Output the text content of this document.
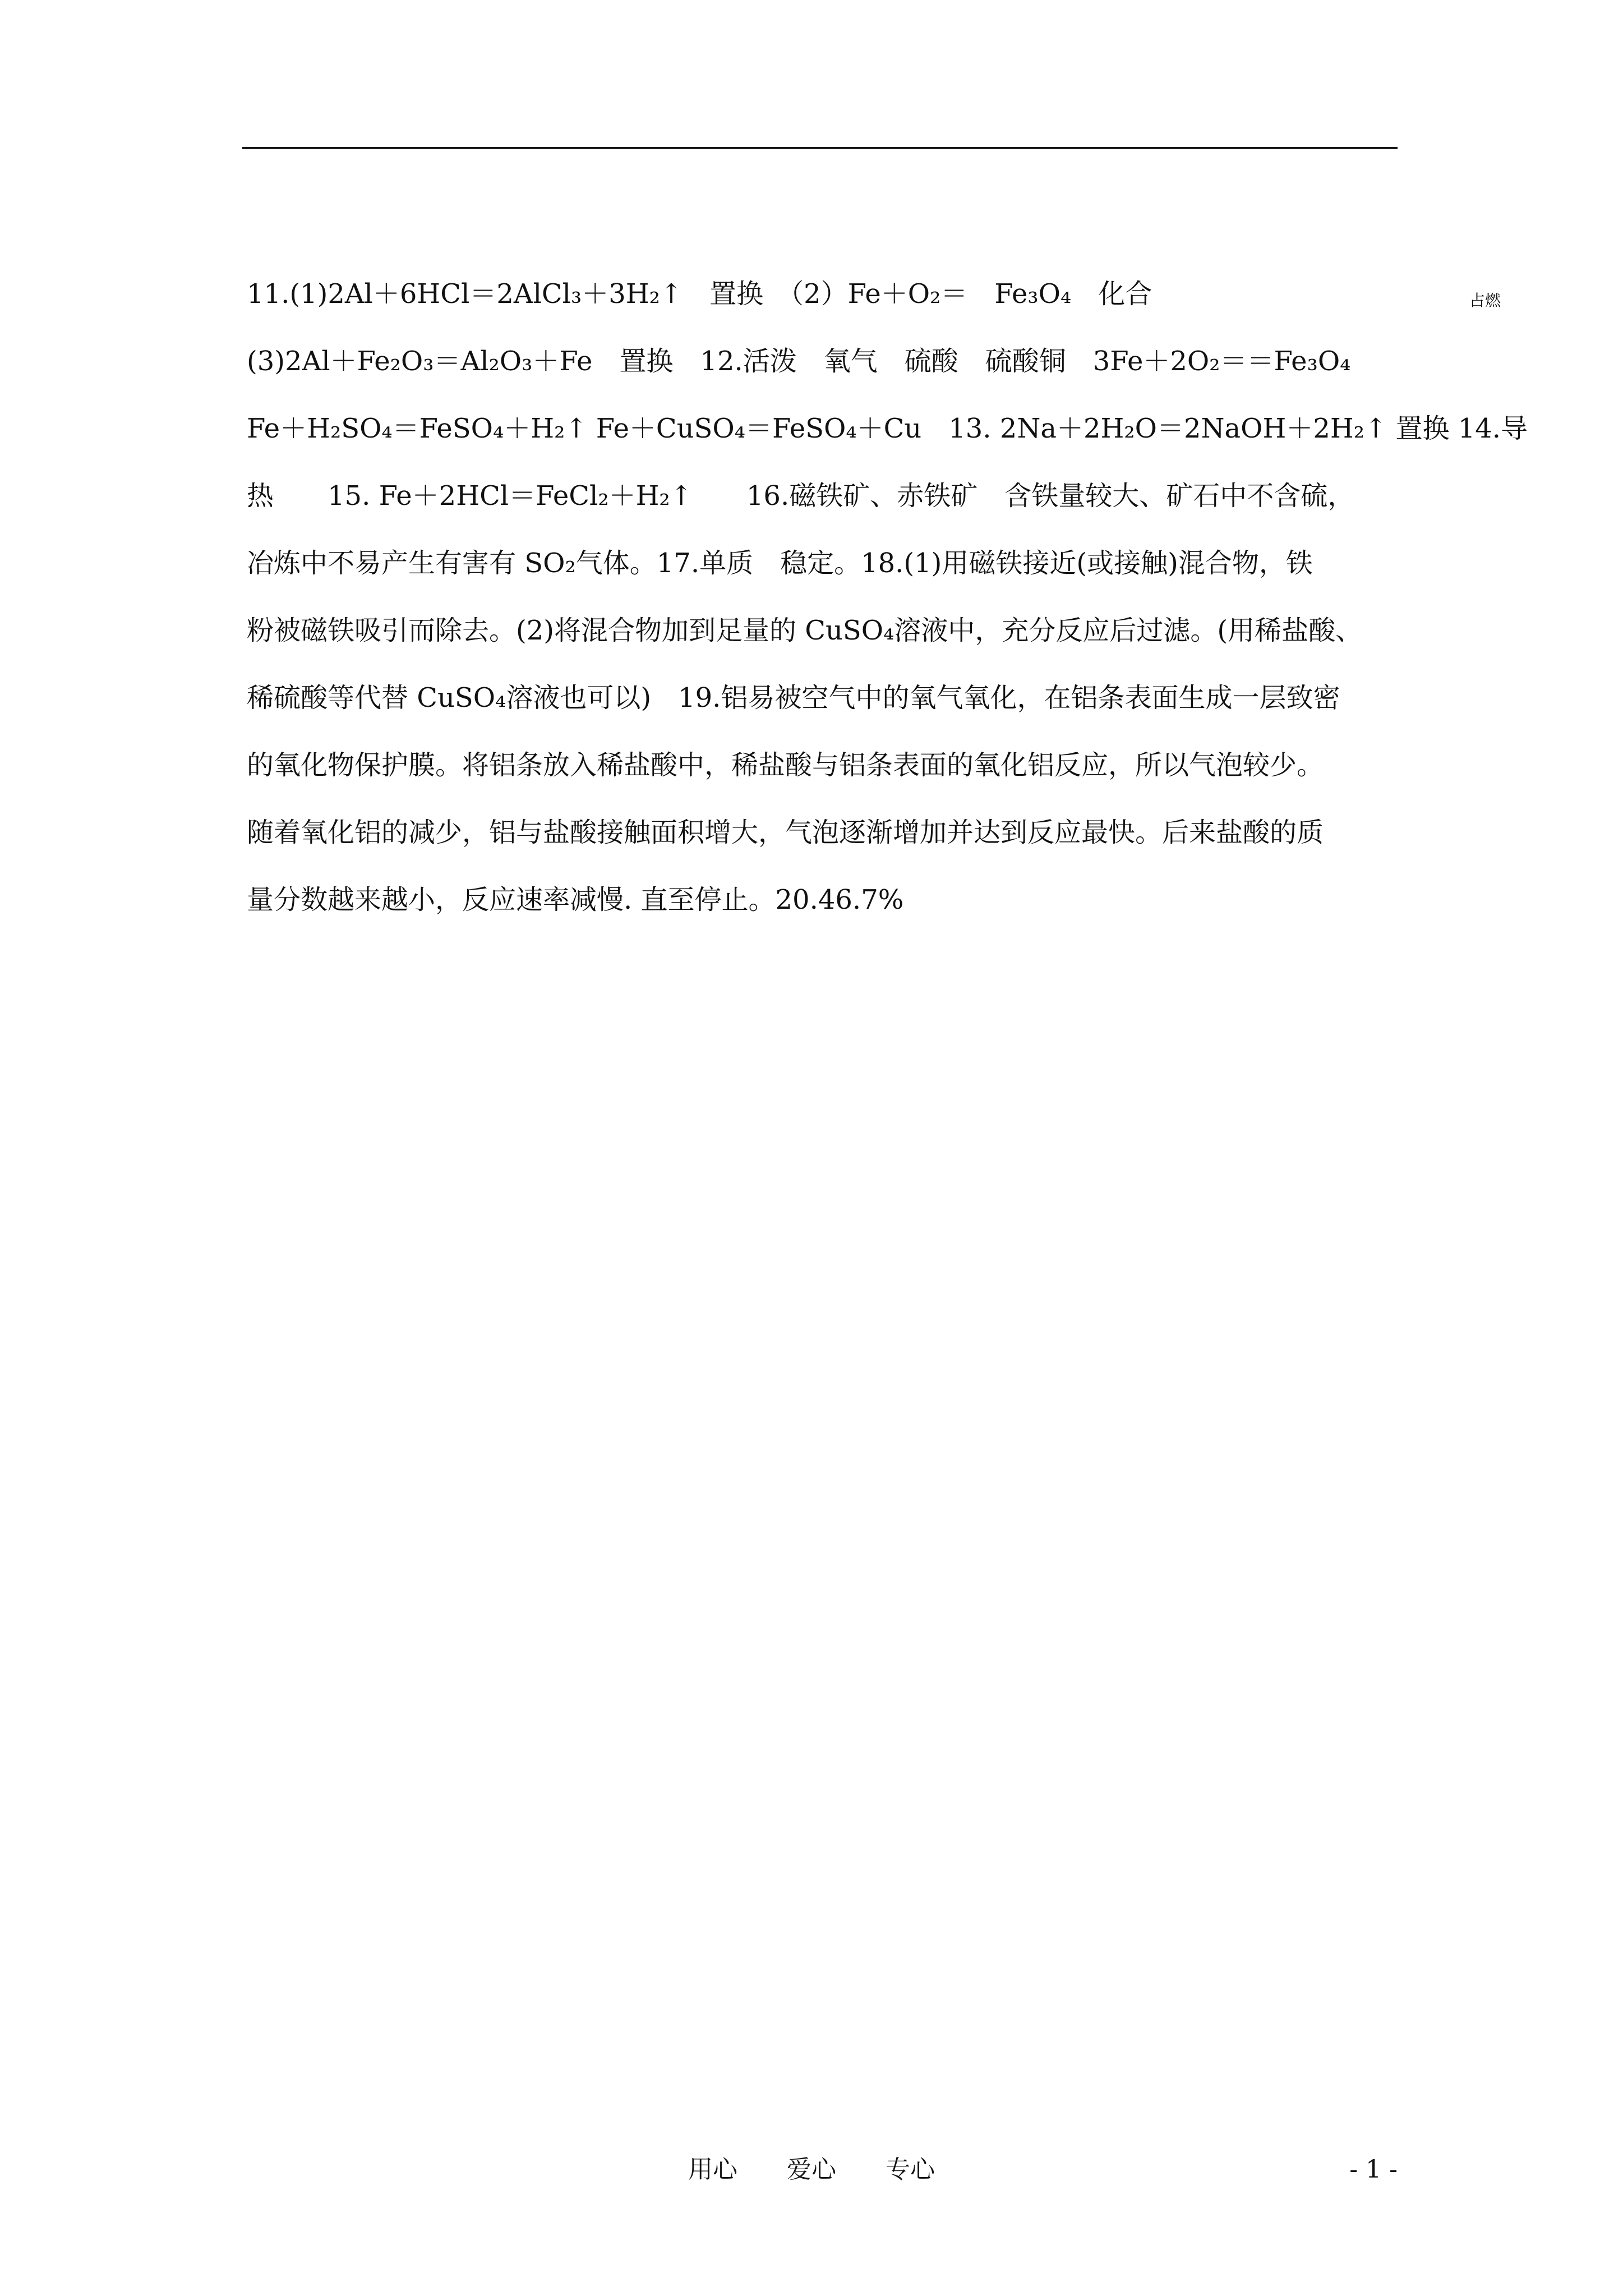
11.(1)2Al＋6HCl＝2AlCl₃＋3H₂↑　置换　（2）Fe＋O₂＝　Fe₃O₄　化合	占燃
(3)2Al＋Fe₂O₃＝Al₂O₃＋Fe　置换　12.活泼　氧气　硫酸　硫酸铜　3Fe＋2O₂＝＝Fe₃O₄
Fe＋H₂SO₄＝FeSO₄＋H₂↑ Fe＋CuSO₄＝FeSO₄＋Cu　13. 2Na＋2H₂O＝2NaOH＋2H₂↑ 置换 14.导
热　　15. Fe＋2HCl＝FeCl₂＋H₂↑　　16.磁铁矿、赤铁矿　含铁量较大、矿石中不含硫，
冶炼中不易产生有害有 SO₂气体。17.单质　稳定。18.(1)用磁铁接近(或接触)混合物，铁
粉被磁铁吸引而除去。(2)将混合物加到足量的 CuSO₄溶液中，充分反应后过滤。(用稀盐酸、
稀硫酸等代替 CuSO₄溶液也可以)　19.铝易被空气中的氧气氧化，在铝条表面生成一层致密
的氧化物保护膜。将铝条放入稀盐酸中，稀盐酸与铝条表面的氧化铝反应，所以气泡较少。
随着氧化铝的减少，铝与盐酸接触面积增大，气泡逐渐增加并达到反应最快。后来盐酸的质
量分数越来越小，反应速率减慢. 直至停止。20.46.7%
用心　　爱心　　专心	- 1 -
